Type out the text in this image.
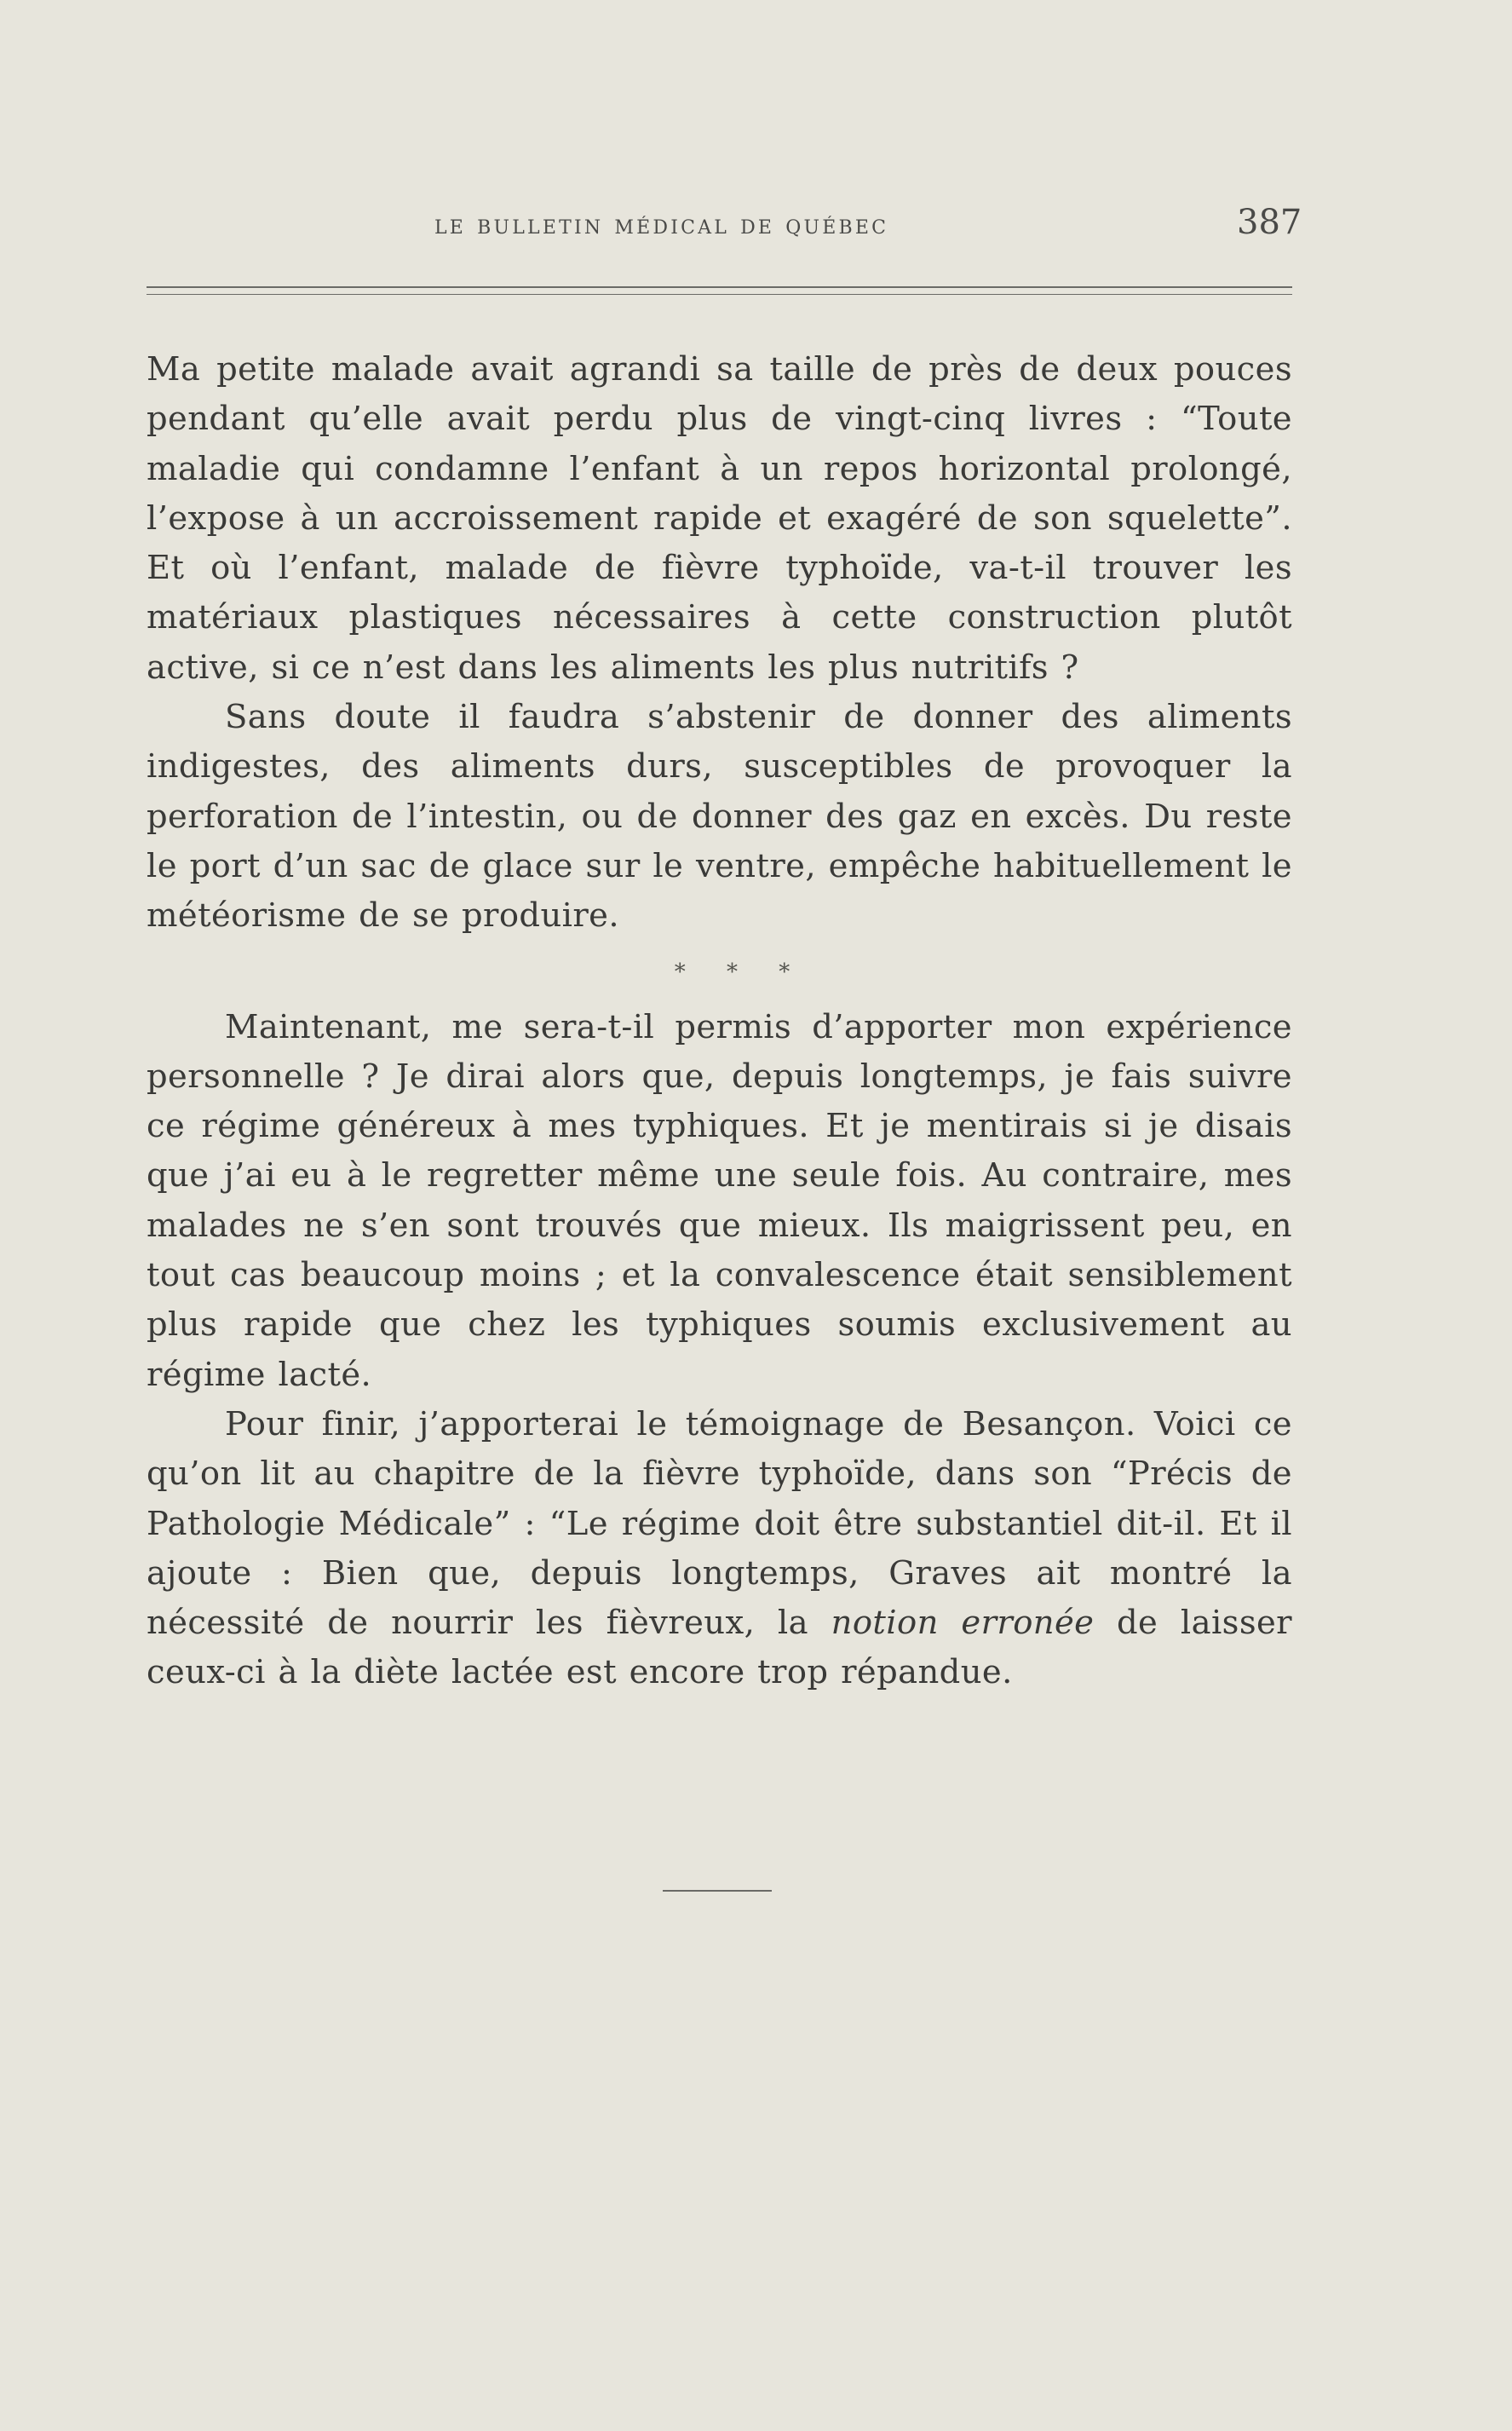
le bulletin médical de québec	387

Ma petite malade avait agrandi sa taille de près de deux pouces pendant qu’elle avait perdu plus de vingt-cinq livres : “Toute maladie qui condamne l’enfant à un repos horizontal prolongé, l’expose à un accroissement rapide et exagéré de son squelette”. Et où l’enfant, malade de fièvre typhoïde, va-t-il trouver les matériaux plastiques nécessaires à cette construction plutôt active, si ce n’est dans les aliments les plus nutritifs ?

Sans doute il faudra s’abstenir de donner des aliments indigestes, des aliments durs, susceptibles de provoquer la perforation de l’intestin, ou de donner des gaz en excès. Du reste le port d’un sac de glace sur le ventre, empêche habituellement le météorisme de se produire.

* * *

Maintenant, me sera-t-il permis d’apporter mon expérience personnelle ? Je dirai alors que, depuis longtemps, je fais suivre ce régime généreux à mes typhiques. Et je mentirais si je disais que j’ai eu à le regretter même une seule fois. Au contraire, mes malades ne s’en sont trouvés que mieux. Ils maigrissent peu, en tout cas beaucoup moins ; et la convalescence était sensiblement plus rapide que chez les typhiques soumis exclusivement au régime lacté.

Pour finir, j’apporterai le témoignage de Besançon. Voici ce qu’on lit au chapitre de la fièvre typhoïde, dans son “Précis de Pathologie Médicale” : “Le régime doit être substantiel dit-il. Et il ajoute : Bien que, depuis longtemps, Graves ait montré la nécessité de nourrir les fièvreux, la notion erronée de laisser ceux-ci à la diète lactée est encore trop répandue.
